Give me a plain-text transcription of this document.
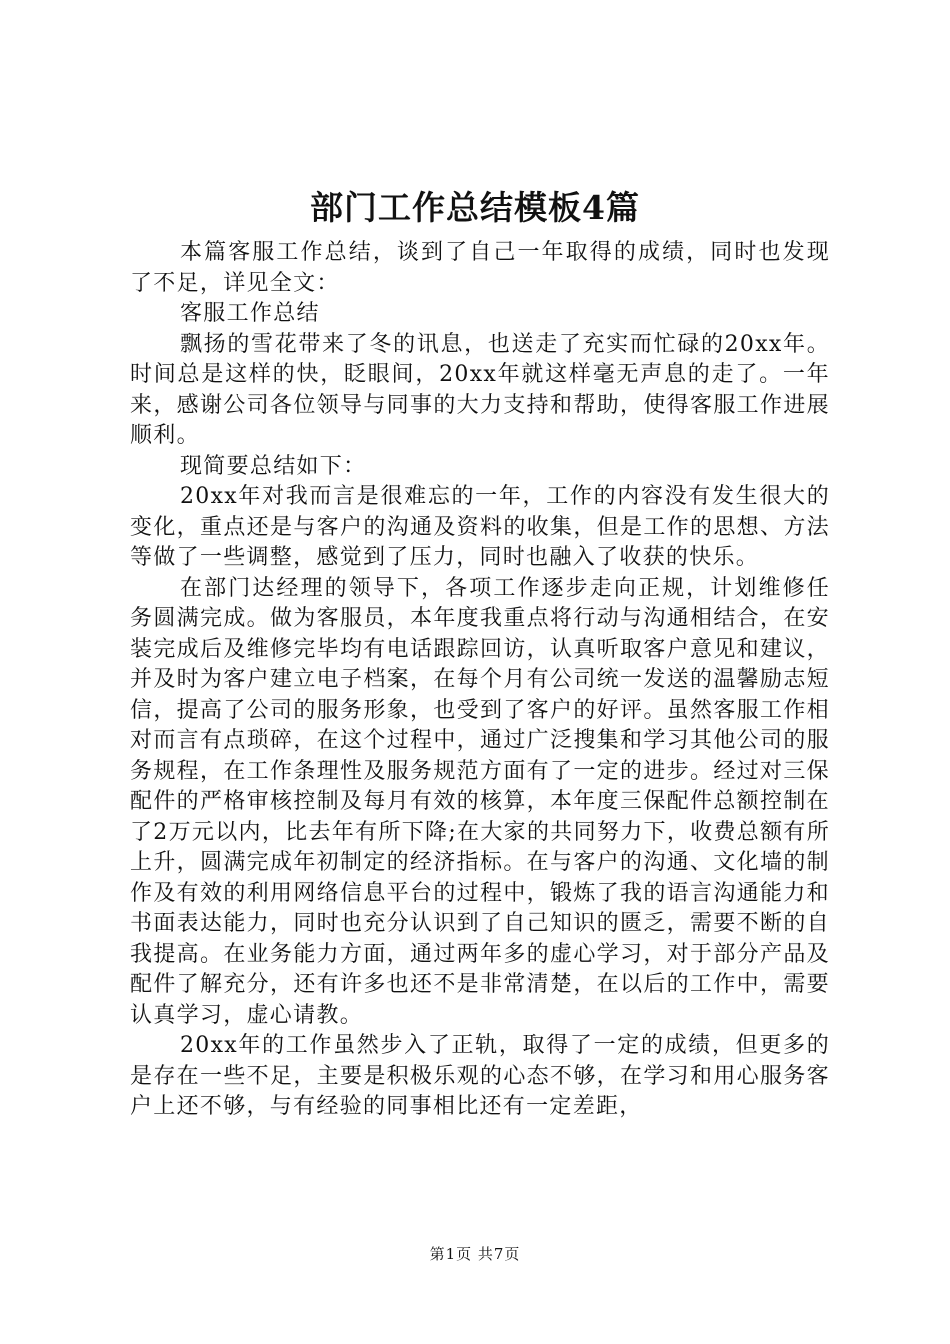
部门工作总结模板4篇

本篇客服工作总结，谈到了自己一年取得的成绩，同时也发现了不足，详见全文：

客服工作总结

飘扬的雪花带来了冬的讯息，也送走了充实而忙碌的20xx年。时间总是这样的快，眨眼间，20xx年就这样毫无声息的走了。一年来，感谢公司各位领导与同事的大力支持和帮助，使得客服工作进展顺利。

现简要总结如下：

20xx年对我而言是很难忘的一年，工作的内容没有发生很大的变化，重点还是与客户的沟通及资料的收集，但是工作的思想、方法等做了一些调整，感觉到了压力，同时也融入了收获的快乐。

在部门达经理的领导下，各项工作逐步走向正规，计划维修任务圆满完成。做为客服员，本年度我重点将行动与沟通相结合，在安装完成后及维修完毕均有电话跟踪回访，认真听取客户意见和建议，并及时为客户建立电子档案，在每个月有公司统一发送的温馨励志短信，提高了公司的服务形象，也受到了客户的好评。虽然客服工作相对而言有点琐碎，在这个过程中，通过广泛搜集和学习其他公司的服务规程，在工作条理性及服务规范方面有了一定的进步。经过对三保配件的严格审核控制及每月有效的核算，本年度三保配件总额控制在了2万元以内，比去年有所下降;在大家的共同努力下，收费总额有所上升，圆满完成年初制定的经济指标。在与客户的沟通、文化墙的制作及有效的利用网络信息平台的过程中，锻炼了我的语言沟通能力和书面表达能力，同时也充分认识到了自己知识的匮乏，需要不断的自我提高。在业务能力方面，通过两年多的虚心学习，对于部分产品及配件了解充分，还有许多也还不是非常清楚，在以后的工作中，需要认真学习，虚心请教。

20xx年的工作虽然步入了正轨，取得了一定的成绩，但更多的是存在一些不足，主要是积极乐观的心态不够，在学习和用心服务客户上还不够，与有经验的同事相比还有一定差距，

第1页 共7页
